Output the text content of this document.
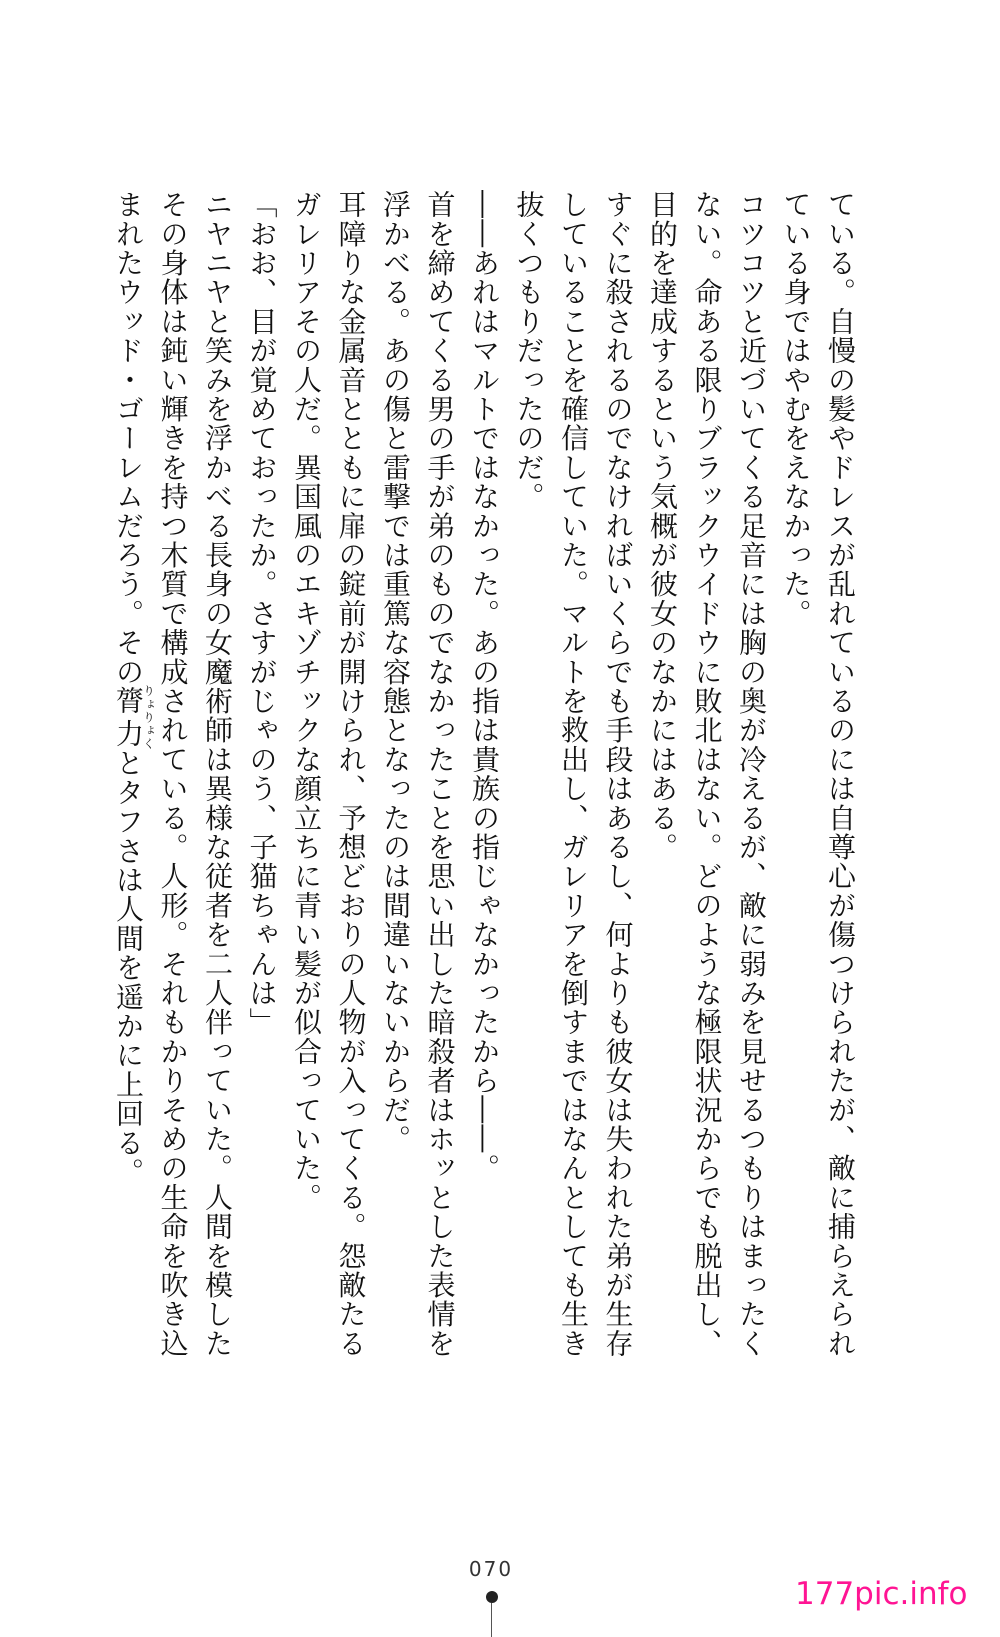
ている。自慢の髪やドレスが乱れているのには自尊心が傷つけられたが、敵に捕らえられている身ではやむをえなかった。

コツコツと近づいてくる足音には胸の奥が冷えるが、敵に弱みを見せるつもりはまったくない。命ある限りブラックウイドウに敗北はない。どのような極限状況からでも脱出し、目的を達成するという気概が彼女のなかにはある。

すぐに殺されるのでなければいくらでも手段はあるし、何よりも彼女は失われた弟が生存していることを確信していた。マルトを救出し、ガレリアを倒すまではなんとしても生き抜くつもりだったのだ。

――あれはマルトではなかった。あの指は貴族の指じゃなかったから――。

首を締めてくる男の手が弟のものでなかったことを思い出した暗殺者はホッとした表情を浮かべる。あの傷と雷撃では重篤な容態となったのは間違いないからだ。

耳障りな金属音とともに扉の錠前が開けられ、予想どおりの人物が入ってくる。怨敵たるガレリアその人だ。異国風のエキゾチックな顔立ちに青い髪が似合っていた。

「おお、目が覚めておったか。さすがじゃのう、子猫ちゃんは」

ニヤニヤと笑みを浮かべる長身の女魔術師は異様な従者を二人伴っていた。人間を模したその身体は鈍い輝きを持つ木質で構成されている。人形。それもかりそめの生命を吹き込まれたウッド・ゴーレムだろう。その膂力りょりょくとタフさは人間を遥かに上回る。

070
177pic.info
